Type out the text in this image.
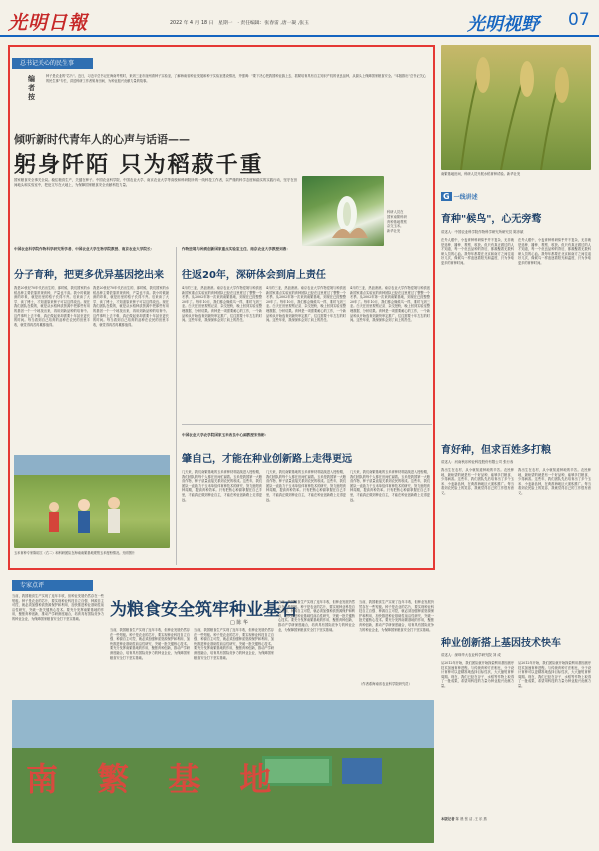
光明日報	2022 年 4 月 18 日　星期一　· 责任编辑：张春雷 ,唐一凝 ,张玉	光明视野 07
总书记关心的民生事
编
者
按
种子是农业的"芯片"。近日，习近平总书记在海南考察时，来到三亚市崖州湾种子实验室，了解海南省种业发展和种子实验室建设情况，并强调："要下决心把我国种业搞上去，抓紧培育具有自主知识产权的优良品种，从源头上保障国家粮食安全。"本版推出"总书记关心的民生事"专栏，讲述科研工作者躬身田间、为种业振兴贡献力量的故事。
倾听新时代青年人的心声与话语——
躬身阡陌 只为稻菽千重
国家粮食安全事关全局。稳住粮食生产，关键在种子。中国农业科学院、中国农业大学、南京农业大学等高校和科研院所的一线科技工作者，以严谨的科学态度和踏实的实践行动，坚守在田间地头和实验室中，把论文写在大地上，为保障国家粮食安全贡献科技力量。
科研人员在
国家南繁科研
育种基地观察
杂交玉米。
新华社发
中国农业科学院作物科学研究所学者、中国农业大学生物学院教授、南京农业大学院长：
分子育种，把更多优异基因挖出来
我是20世纪70年代后出生的，那时候，我们国家的水稻品种主要依靠常规育种，产量也不高。我小时候最深的印象，就是田里的稻子长得不齐。后来读了大学、读了博士，才知道原来种子可以这样改良。现在我们团队在做的，就是从水稻种质资源中把那些有用的基因一个一个地找出来，再用到新品种的培育中。这件事听上去不难，真正做起来却需要十年甚至更长的时间。每当看到自己培育的品种在农民的田里丰收，就觉得再苦再累都值得。
我是20世纪70年代后出生的，那时候，我们国家的水稻品种主要依靠常规育种，产量也不高。我小时候最深的印象，就是田里的稻子长得不齐。后来读了大学、读了博士，才知道原来种子可以这样改良。现在我们团队在做的，就是从水稻种质资源中把那些有用的基因一个一个地找出来，再用到新品种的培育中。这件事听上去不难，真正做起来却需要十年甚至更长的时间。每当看到自己培育的品种在农民的田里丰收，就觉得再苦再累都值得。
玉米育种专家陈绍江（右二）和科研团队在海南南繁基地观察玉米授粉情况。光明图片
作物逆境与种质创新国家重点实验室主任、南京农业大学教授刘燕：
往返20年，深研体会到肩上责任
4月的三亚，热浪滚滚。南京农业大学作物逆境与种质创新国家重点实验室的育种团队已经在这里度过了整整一个冬季。从2002年第一次来到南繁基地，到现在已经整整20年了。每年10月，我们都会像候鸟一样，准时飞到三亚。白天在田里观察记录、杂交授粉，晚上回到实验室整理数据、分析结果。育种是一项需要耐心的工作，一个新品种从开始选育到最终审定推广，往往需要十年左右的时间。这些年来，我深深体会到了肩上的责任。
4月的三亚，热浪滚滚。南京农业大学作物逆境与种质创新国家重点实验室的育种团队已经在这里度过了整整一个冬季。从2002年第一次来到南繁基地，到现在已经整整20年了。每年10月，我们都会像候鸟一样，准时飞到三亚。白天在田里观察记录、杂交授粉，晚上回到实验室整理数据、分析结果。育种是一项需要耐心的工作，一个新品种从开始选育到最终审定推广，往往需要十年左右的时间。这些年来，我深深体会到了肩上的责任。
4月的三亚，热浪滚滚。南京农业大学作物逆境与种质创新国家重点实验室的育种团队已经在这里度过了整整一个冬季。从2002年第一次来到南繁基地，到现在已经整整20年了。每年10月，我们都会像候鸟一样，准时飞到三亚。白天在田里观察记录、杂交授粉，晚上回到实验室整理数据、分析结果。育种是一项需要耐心的工作，一个新品种从开始选育到最终审定推广，往往需要十年左右的时间。这些年来，我深深体会到了肩上的责任。
中国农业大学农学院国家玉米改良中心副教授宋伟彬：
肇自己，才能在种业创新路上走得更远
几天来，我们南繁基地的玉米育种材料陆续进入授粉期，我们团队的每个人都在田间忙碌着。玉米是我国第一大粮食作物，种子质量直接关系到农民的收成。这些年，我们团队一直致力于玉米单倍体育种技术的研究，努力缩短育种周期，提高育种效率。只有把核心种源掌握在自己手里，才能真正做到种业自主，才能在种业创新路上走得更远。
几天来，我们南繁基地的玉米育种材料陆续进入授粉期，我们团队的每个人都在田间忙碌着。玉米是我国第一大粮食作物，种子质量直接关系到农民的收成。这些年，我们团队一直致力于玉米单倍体育种技术的研究，努力缩短育种周期，提高育种效率。只有把核心种源掌握在自己手里，才能真正做到种业自主，才能在种业创新路上走得更远。
几天来，我们南繁基地的玉米育种材料陆续进入授粉期，我们团队的每个人都在田间忙碌着。玉米是我国第一大粮食作物，种子质量直接关系到农民的收成。这些年，我们团队一直致力于玉米单倍体育种技术的研究，努力缩短育种周期，提高育种效率。只有把核心种源掌握在自己手里，才能真正做到种业自主，才能在种业创新路上走得更远。
南繁基地田间，科研人员开展水稻育种试验。新华社发
G 一线讲述
育种"候鸟"，心无旁骛
讲述人：中国农业科学院作物科学研究所研究员 陈彦斌
在外人眼中，小麦育种科研似乎并不复杂，无非就是选种、播种、观察、收获。但只有真正做过的人才知道，每一个优良品种的背后，都凝聚着无数科研人员的心血。我每年都要在北京和南方之间往返好几次，像候鸟一样追逐着阳光和温度，只为争取更多的育种时间。
在外人眼中，小麦育种科研似乎并不复杂，无非就是选种、播种、观察、收获。但只有真正做过的人才知道，每一个优良品种的背后，都凝聚着无数科研人员的心血。我每年都要在北京和南方之间往返好几次，像候鸟一样追逐着阳光和温度，只为争取更多的育种时间。
育好种，但求百姓多打粮
讲述人：河南秋乐种业科技股份有限公司 张行寿
我出生在农村，从小就知道种地的辛苦。农民种地，最盼望的就是有一个好品种，能够多打粮食、少得病害。这些年，我们团队先后培育出了多个玉米、小麦新品种，在黄淮海地区大面积推广。每当看到农民脸上的笑容，我就觉得自己的工作很有意义。
我出生在农村，从小就知道种地的辛苦。农民种地，最盼望的就是有一个好品种，能够多打粮食、少得病害。这些年，我们团队先后培育出了多个玉米、小麦新品种，在黄淮海地区大面积推广。每当看到农民脸上的笑容，我就觉得自己的工作很有意义。
种业创新搭上基因技术快车
讲述人：深圳华大农业科学研究院 刘 成
从2012年开始，我们团队就开始探索利用基因测序技术加速育种进程。与传统育种方法相比，分子设计育种可以更精准地选择目标性状，大大缩短育种周期。现在，我们已经在谷子、水稻等作物上取得了一批成果，希望用科技的力量为种业振兴贡献力量。
从2012年开始，我们团队就开始探索利用基因测序技术加速育种进程。与传统育种方法相比，分子设计育种可以更精准地选择目标性状，大大缩短育种周期。现在，我们已经在谷子、水稻等作物上取得了一批成果，希望用科技的力量为种业振兴贡献力量。
本版记者 陈 晨 张 洁 ,王 乐 燕
专家点评
当前，我国粮食生产实现了连年丰收，但种业发展仍然存在一些短板。种子是农业的芯片，要实现种业科技自立自强、种源自主可控，就必须加强种质资源保护和利用，加快推进种业基础性前沿性研究，突破一批关键核心技术。要充分发挥南繁基地的作用，聚焦育种创新，推动产学研深度融合，培育具有国际竞争力的种业企业，为保障国家粮食安全打下坚实基础。	为粮食安全筑牢种业基石
□ 陈 华
当前，我国粮食生产实现了连年丰收，但种业发展仍然存在一些短板。种子是农业的芯片，要实现种业科技自立自强、种源自主可控，就必须加强种质资源保护和利用，加快推进种业基础性前沿性研究，突破一批关键核心技术。要充分发挥南繁基地的作用，聚焦育种创新，推动产学研深度融合，培育具有国际竞争力的种业企业，为保障国家粮食安全打下坚实基础。
当前，我国粮食生产实现了连年丰收，但种业发展仍然存在一些短板。种子是农业的芯片，要实现种业科技自立自强、种源自主可控，就必须加强种质资源保护和利用，加快推进种业基础性前沿性研究，突破一批关键核心技术。要充分发挥南繁基地的作用，聚焦育种创新，推动产学研深度融合，培育具有国际竞争力的种业企业，为保障国家粮食安全打下坚实基础。
当前，我国粮食生产实现了连年丰收，但种业发展仍然存在一些短板。种子是农业的芯片，要实现种业科技自立自强、种源自主可控，就必须加强种质资源保护和利用，加快推进种业基础性前沿性研究，突破一批关键核心技术。要充分发挥南繁基地的作用，聚焦育种创新，推动产学研深度融合，培育具有国际竞争力的种业企业，为保障国家粮食安全打下坚实基础。
当前，我国粮食生产实现了连年丰收，但种业发展仍然存在一些短板。种子是农业的芯片，要实现种业科技自立自强、种源自主可控，就必须加强种质资源保护和利用，加快推进种业基础性前沿性研究，突破一批关键核心技术。要充分发挥南繁基地的作用，聚焦育种创新，推动产学研深度融合，培育具有国际竞争力的种业企业，为保障国家粮食安全打下坚实基础。
（作者系海南省农业科学院研究员）
南 繁 基 地
